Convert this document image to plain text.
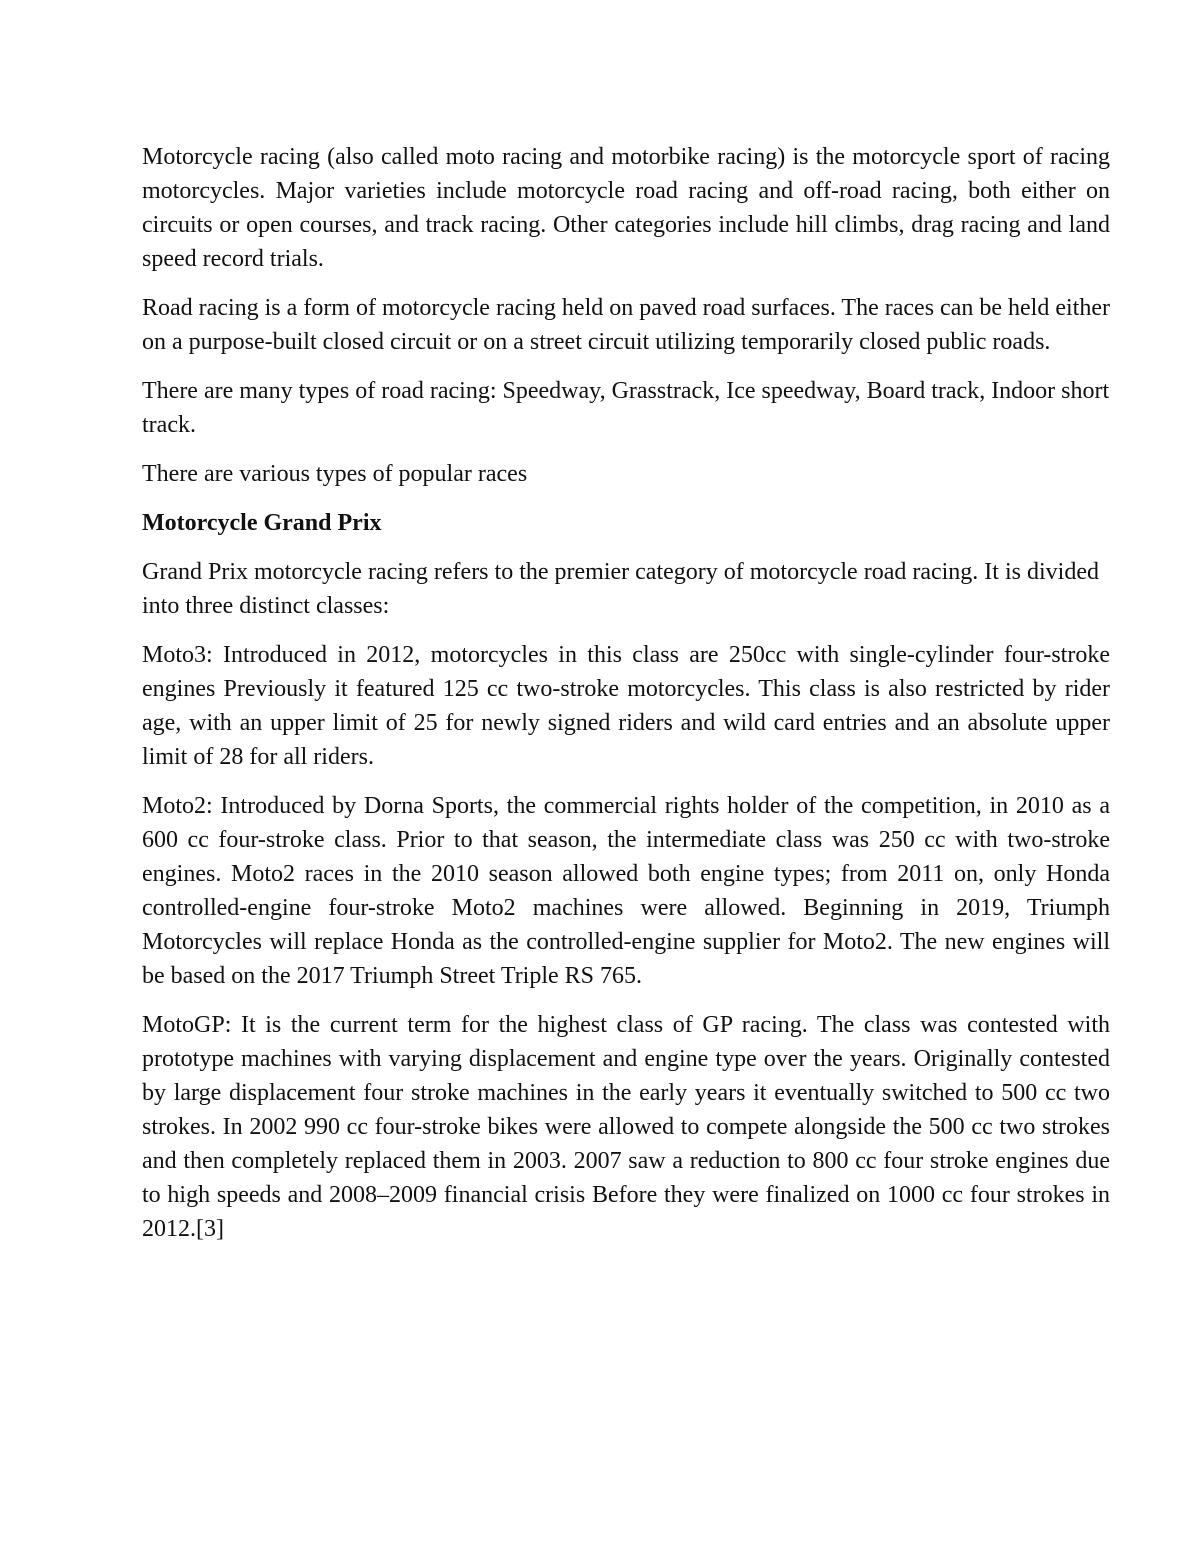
Motorcycle racing (also called moto racing and motorbike racing) is the motorcycle sport of racing motorcycles. Major varieties include motorcycle road racing and off-road racing, both either on circuits or open courses, and track racing. Other categories include hill climbs, drag racing and land speed record trials.

Road racing is a form of motorcycle racing held on paved road surfaces. The races can be held either on a purpose-built closed circuit or on a street circuit utilizing temporarily closed public roads.

There are many types of road racing: Speedway, Grasstrack, Ice speedway, Board track, Indoor short track.

There are various types of popular races

Motorcycle Grand Prix

Grand Prix motorcycle racing refers to the premier category of motorcycle road racing. It is divided into three distinct classes:

Moto3: Introduced in 2012, motorcycles in this class are 250cc with single-cylinder four-stroke engines Previously it featured 125 cc two-stroke motorcycles. This class is also restricted by rider age, with an upper limit of 25 for newly signed riders and wild card entries and an absolute upper limit of 28 for all riders.

Moto2: Introduced by Dorna Sports, the commercial rights holder of the competition, in 2010 as a 600 cc four-stroke class. Prior to that season, the intermediate class was 250 cc with two-stroke engines. Moto2 races in the 2010 season allowed both engine types; from 2011 on, only Honda controlled-engine four-stroke Moto2 machines were allowed. Beginning in 2019, Triumph Motorcycles will replace Honda as the controlled-engine supplier for Moto2. The new engines will be based on the 2017 Triumph Street Triple RS 765.

MotoGP: It is the current term for the highest class of GP racing. The class was contested with prototype machines with varying displacement and engine type over the years. Originally contested by large displacement four stroke machines in the early years it eventually switched to 500 cc two strokes. In 2002 990 cc four-stroke bikes were allowed to compete alongside the 500 cc two strokes and then completely replaced them in 2003. 2007 saw a reduction to 800 cc four stroke engines due to high speeds and 2008–2009 financial crisis Before they were finalized on 1000 cc four strokes in 2012.[3]
